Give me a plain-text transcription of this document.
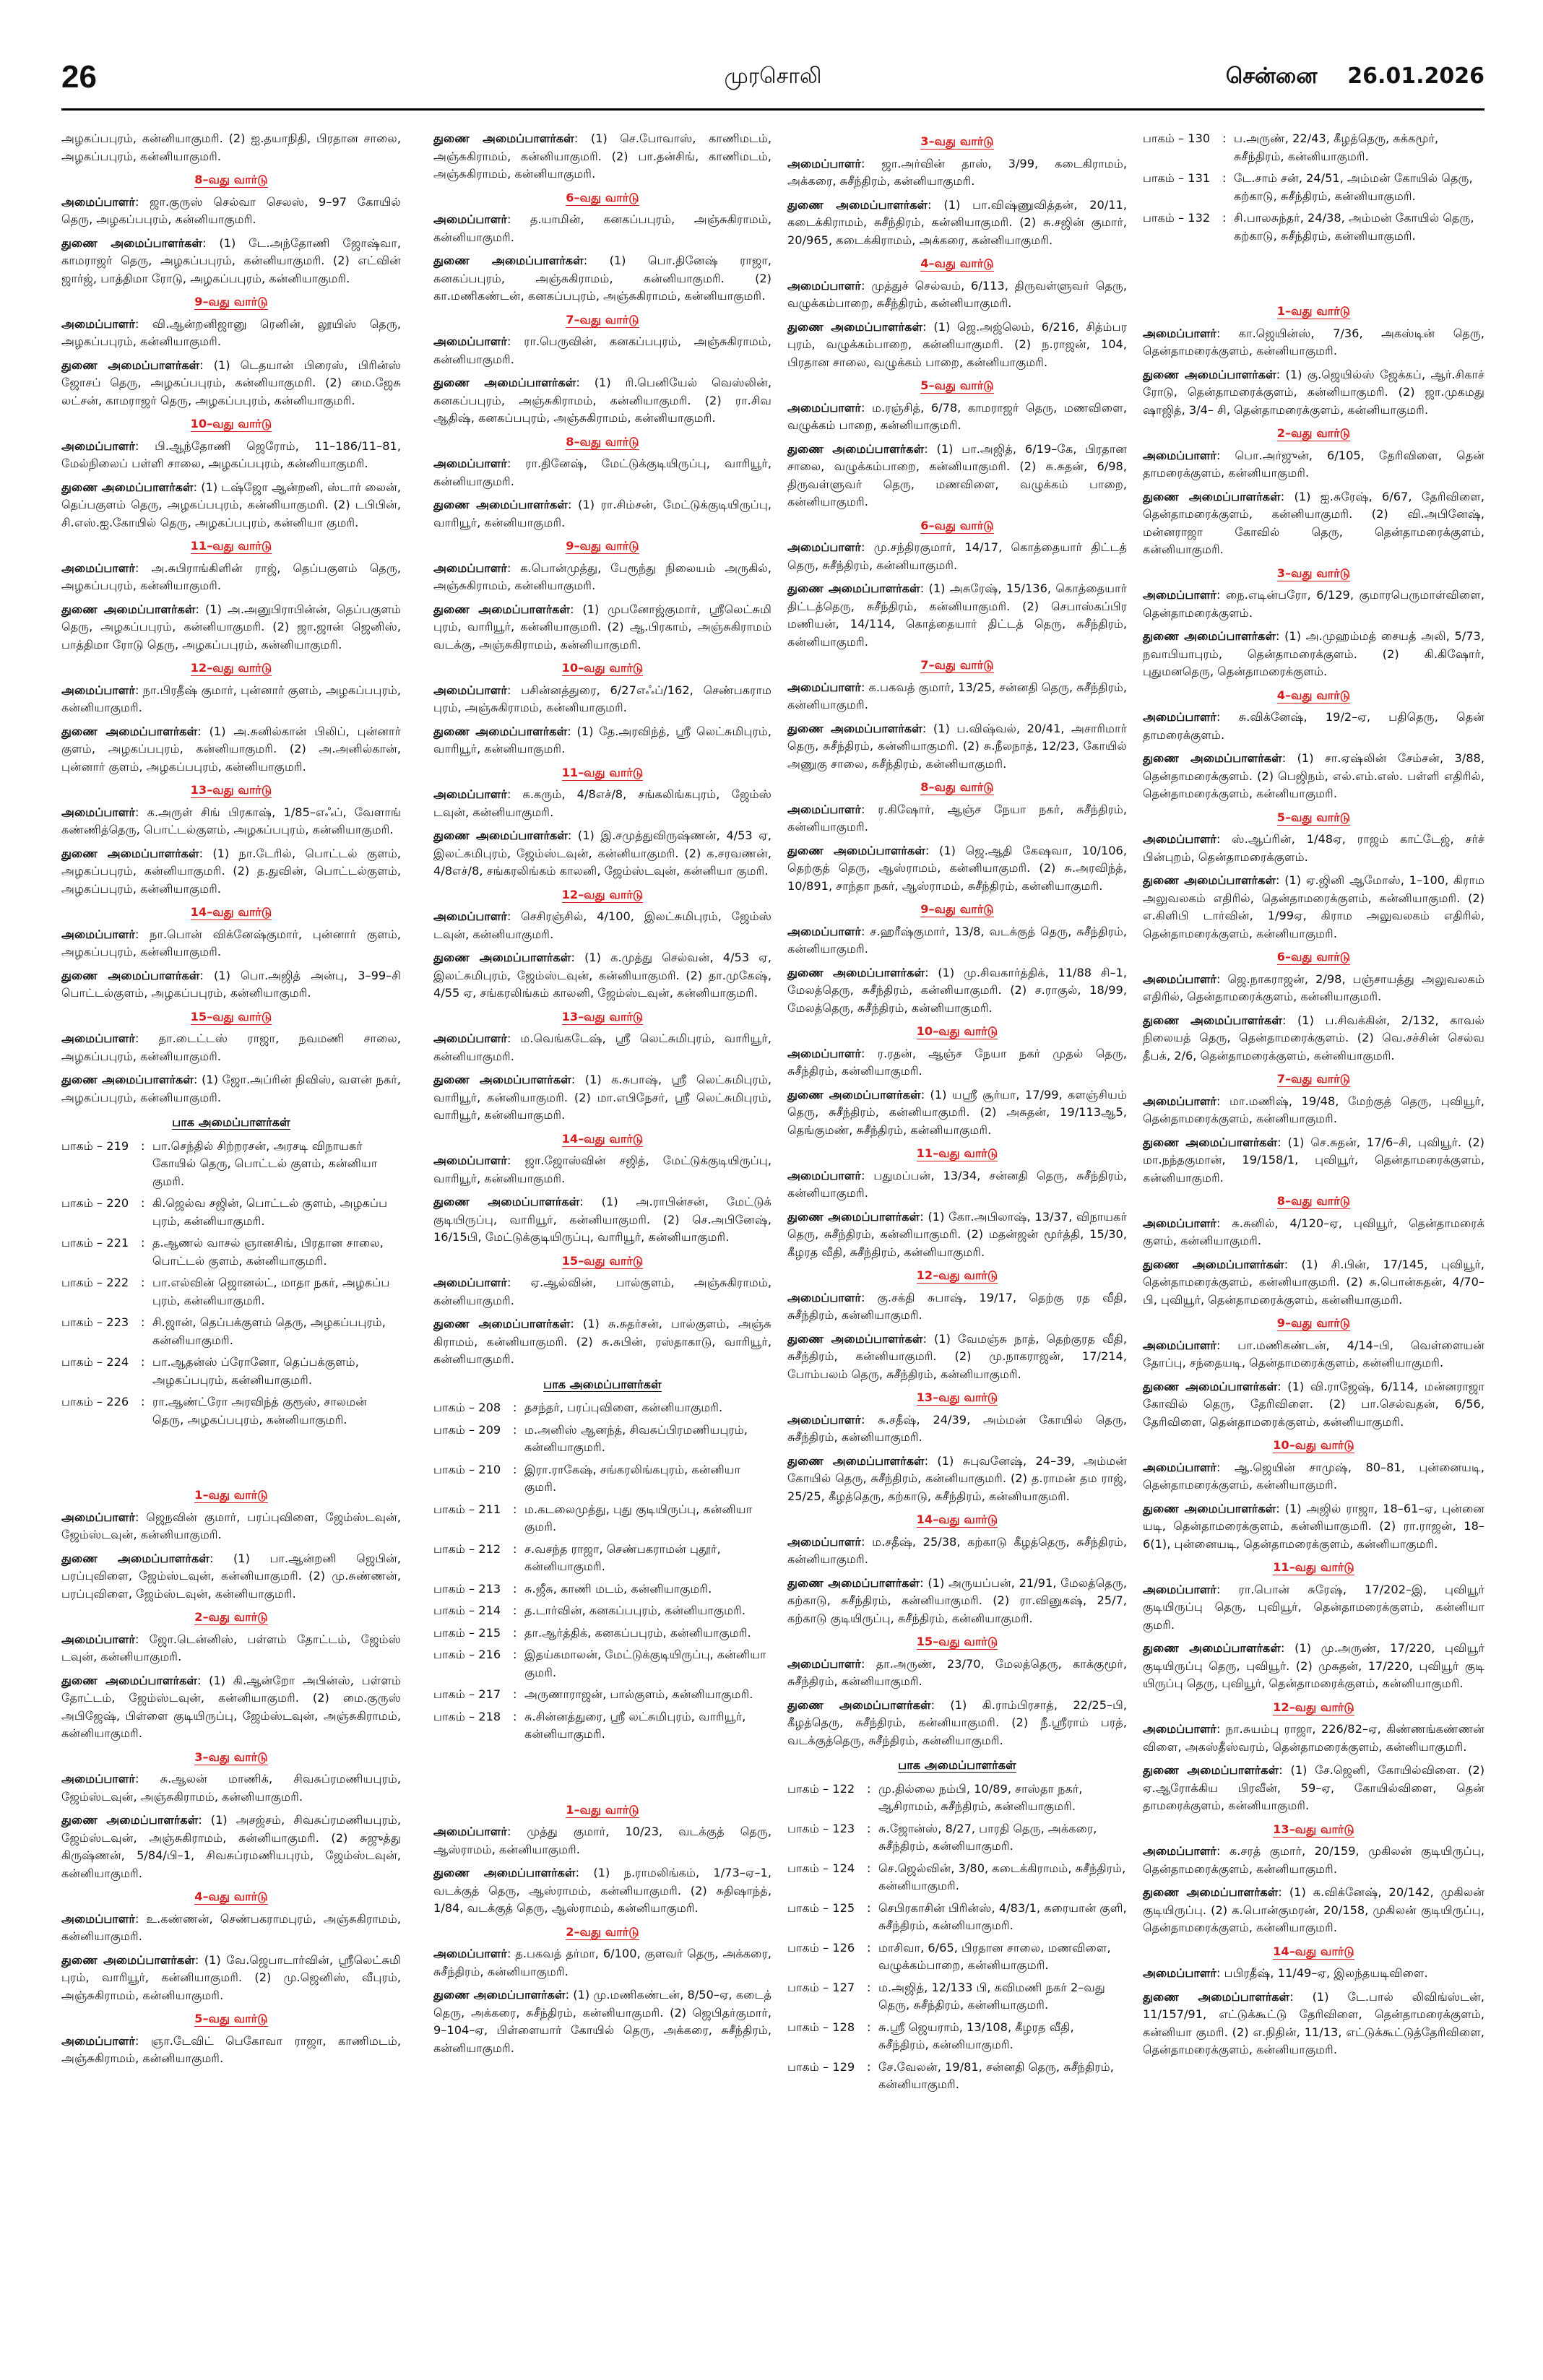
26	முரசொலி	சென்னை 26.01.2026

அழகப்பபுரம், கன்னியாகுமரி. (2) ஐ.தயாநிதி, பிரதான சாலை, அழகப்பபுரம், கன்னியாகுமரி.

8–வது வார்டு

அமைப்பாளர்: ஜா.குருஸ் செல்வா செலஸ், 9–97 கோயில் தெரு, அழகப்பபுரம், கன்னியாகுமரி.

துணை அமைப்பாளர்கள்: (1) டே.அந்தோணி ஜோஷ்வா, காமராஜர் தெரு, அழகப்பபுரம், கன்னியாகுமரி. (2) எட்வின் ஜார்ஜ், பாத்திமா ரோடு, அழகப்பபுரம், கன்னியாகுமரி.

9–வது வார்டு

அமைப்பாளர்: வி.ஆன்றனிஜானு ரெனின், லூயிஸ் தெரு, அழகப்பபுரம், கன்னியாகுமரி.

துணை அமைப்பாளர்கள்: (1) டெதயான் பிரைஸ், பிரின்ஸ் ஜோசப் தெரு, அழகப்பபுரம், கன்னியாகுமரி. (2) மை.ஜேசு லட்சன், காமராஜர் தெரு, அழகப்பபுரம், கன்னியாகுமரி.

10–வது வார்டு

அமைப்பாளர்: பி.ஆந்தோணி ஜெரோம், 11–186/11–81, மேல்நிலைப் பள்ளி சாலை, அழகப்பபுரம், கன்னியாகுமரி.

துணை அமைப்பாளர்கள்: (1) டஷ்ஜோ ஆன்றனி, ஸ்டார் லைன், தெப்பகுளம் தெரு, அழகப்பபுரம், கன்னியாகுமரி. (2) டபிபின், சி.எஸ்.ஐ.கோயில் தெரு, அழகப்பபுரம், கன்னியா குமரி.

11–வது வார்டு

அமைப்பாளர்: அ.சுபிராங்கிளின் ராஜ், தெப்பகுளம் தெரு, அழகப்பபுரம், கன்னியாகுமரி.

துணை அமைப்பாளர்கள்: (1) அ.அனுபிராபின்ன், தெப்பகுளம் தெரு, அழகப்பபுரம், கன்னியாகுமரி. (2) ஜா.ஜான் ஜெனிஸ், பாத்திமா ரோடு தெரு, அழகப்பபுரம், கன்னியாகுமரி.

12–வது வார்டு

அமைப்பாளர்: நா.பிரதீஷ் குமார், புன்னார் குளம், அழகப்பபுரம், கன்னியாகுமரி.

துணை அமைப்பாளர்கள்: (1) அ.சுனில்கான் பிலிப், புன்னார் குளம், அழகப்பபுரம், கன்னியாகுமரி. (2) அ.அனில்கான், புன்னார் குளம், அழகப்பபுரம், கன்னியாகுமரி.

13–வது வார்டு

அமைப்பாளர்: க.அருள் சிங் பிரகாஷ், 1/85–எஃப், வேளாங் கண்ணித்தெரு, பொட்டல்குளம், அழகப்பபுரம், கன்னியாகுமரி.

துணை அமைப்பாளர்கள்: (1) நா.டேரில், பொட்டல் குளம், அழகப்பபுரம், கன்னியாகுமரி. (2) த.துவின், பொட்டல்குளம், அழகப்பபுரம், கன்னியாகுமரி.

14–வது வார்டு

அமைப்பாளர்: நா.பொன் விக்னேஷ்குமார், புன்னார் குளம், அழகப்பபுரம், கன்னியாகுமரி.

துணை அமைப்பாளர்கள்: (1) பொ.அஜித் அன்பு, 3–99–சி பொட்டல்குளம், அழகப்பபுரம், கன்னியாகுமரி.

15–வது வார்டு

அமைப்பாளர்: தா.டைட்டஸ் ராஜா, நவமணி சாலை, அழகப்பபுரம், கன்னியாகுமரி.

துணை அமைப்பாளர்கள்: (1) ஜோ.அப்ரின் நிவிஸ், வளன் நகர், அழகப்பபுரம், கன்னியாகுமரி.

பாக அமைப்பாளர்கள்
பாகம் – 219	: பா.செந்தில் சிற்றரசன், அரசடி விநாயகர் கோயில் தெரு, பொட்டல் குளம், கன்னியா குமரி.
பாகம் – 220	: கி.ஜெல்வ சஜின், பொட்டல் குளம், அழகப்ப புரம், கன்னியாகுமரி.
பாகம் – 221	: த.ஆணல் வாசல் ஞானசிங், பிரதான சாலை, பொட்டல் குளம், கன்னியாகுமரி.
பாகம் – 222	: பா.எல்வின் ஜொனல்ட், மாதா நகர், அழகப்ப புரம், கன்னியாகுமரி.
பாகம் – 223	: சி.ஜான், தெப்பக்குளம் தெரு, அழகப்பபுரம், கன்னியாகுமரி.
பாகம் – 224	: பா.ஆதன்ஸ் ப்ரோனோ, தெப்பக்குளம், அழகப்பபுரம், கன்னியாகுமரி.
பாகம் – 226	: ரா.ஆண்ட்ரோ அரவிந்த் குரூஸ், சாலமன் தெரு, அழகப்பபுரம், கன்னியாகுமரி.
1–வது வார்டு

அமைப்பாளர்: ஜெநவின் குமார், பரப்புவிளை, ஜேம்ஸ்டவுன், ஜேம்ஸ்டவுன், கன்னியாகுமரி.

துணை அமைப்பாளர்கள்: (1) பா.ஆன்றனி ஜெபின், பரப்புவிளை, ஜேம்ஸ்டவுன், கன்னியாகுமரி. (2) மு.சுண்ணன், பரப்புவிளை, ஜேம்ஸ்டவுன், கன்னியாகுமரி.

2–வது வார்டு

அமைப்பாளர்: ஜோ.டென்னிஸ், பள்ளம் தோட்டம், ஜேம்ஸ் டவுன், கன்னியாகுமரி.

துணை அமைப்பாளர்கள்: (1) கி.ஆன்றோ அபின்ஸ், பள்ளம் தோட்டம், ஜேம்ஸ்டவுன், கன்னியாகுமரி. (2) மை.குருஸ் அபிஜேஷ், பிள்ளை குடியிருப்பு, ஜேம்ஸ்டவுன், அஞ்சுகிராமம், கன்னியாகுமரி.

3–வது வார்டு

அமைப்பாளர்: சு.ஆலன் மாணிக், சிவசுப்ரமணியபுரம், ஜேம்ஸ்டவுன், அஞ்சுகிராமம், கன்னியாகுமரி.

துணை அமைப்பாளர்கள்: (1) அசஜ்சம், சிவசுப்ரமணியபுரம், ஜேம்ஸ்டவுன், அஞ்சுகிராமம், கன்னியாகுமரி. (2) சுஜுத்து கிருஷ்ணன், 5/84/பி–1, சிவசுப்ரமணியபுரம், ஜேம்ஸ்டவுன், கன்னியாகுமரி.

4–வது வார்டு

அமைப்பாளர்: உ.கண்ணன், செண்பகராமபுரம், அஞ்சுகிராமம், கன்னியாகுமரி.

துணை அமைப்பாளர்கள்: (1) வே.ஜெபாடார்வின், ஸ்ரீலெட்சுமி புரம், வாரியூர், கன்னியாகுமரி. (2) மு.ஜெனிஸ், வீபுரம், அஞ்சுகிராமம், கன்னியாகுமரி.

5–வது வார்டு

அமைப்பாளர்: ஞா.டேவிட் பெகோவா ராஜா, காணிமடம், அஞ்சுகிராமம், கன்னியாகுமரி.

துணை அமைப்பாளர்கள்: (1) செ.போவாஸ், காணிமடம், அஞ்சுகிராமம், கன்னியாகுமரி. (2) பா.தன்சிங், காணிமடம், அஞ்சுகிராமம், கன்னியாகுமரி.

6–வது வார்டு

அமைப்பாளர்: த.யாமின், கனகப்பபுரம், அஞ்சுகிராமம், கன்னியாகுமரி.

துணை அமைப்பாளர்கள்: (1) பொ.தினேஷ் ராஜா, கனகப்பபுரம், அஞ்சுகிராமம், கன்னியாகுமரி. (2) கா.மணிகண்டன், கனகப்பபுரம், அஞ்சுகிராமம், கன்னியாகுமரி.

7–வது வார்டு

அமைப்பாளர்: ரா.பெருவின், கனகப்பபுரம், அஞ்சுகிராமம், கன்னியாகுமரி.

துணை அமைப்பாளர்கள்: (1) ரி.பெனியேல் வெஸ்லின், கனகப்பபுரம், அஞ்சுகிராமம், கன்னியாகுமரி. (2) ரா.சிவ ஆதிஷ், கனகப்பபுரம், அஞ்சுகிராமம், கன்னியாகுமரி.

8–வது வார்டு

அமைப்பாளர்: ரா.தினேஷ், மேட்டுக்குடியிருப்பு, வாரியூர், கன்னியாகுமரி.

துணை அமைப்பாளர்கள்: (1) ரா.சிம்சன், மேட்டுக்குடியிருப்பு, வாரியூர், கன்னியாகுமரி.

9–வது வார்டு

அமைப்பாளர்: க.பொன்முத்து, பேரூந்து நிலையம் அருகில், அஞ்சுகிராமம், கன்னியாகுமரி.

துணை அமைப்பாளர்கள்: (1) முபனோஜ்குமார், ஸ்ரீலெட்சுமி புரம், வாரியூர், கன்னியாகுமரி. (2) ஆ.பிரகாம், அஞ்சுகிராமம் வடக்கு, அஞ்சுகிராமம், கன்னியாகுமரி.

10–வது வார்டு

அமைப்பாளர்: பசின்னத்துரை, 6/27எஃப்/162, செண்பகராம புரம், அஞ்சுகிராமம், கன்னியாகுமரி.

துணை அமைப்பாளர்கள்: (1) தே.அரவிந்த், ஸ்ரீ லெட்சுமிபுரம், வாரியூர், கன்னியாகுமரி.

11–வது வார்டு

அமைப்பாளர்: க.கரும், 4/8எச்/8, சங்கலிங்கபுரம், ஜேம்ஸ் டவுன், கன்னியாகுமரி.

துணை அமைப்பாளர்கள்: (1) இ.சமுத்துவிருஷ்ணன், 4/53 ஏ, இலட்சுமிபுரம், ஜேம்ஸ்டவுன், கன்னியாகுமரி. (2) க.சரவணன், 4/8எச்/8, சங்கரலிங்கம் காலனி, ஜேம்ஸ்டவுன், கன்னியா குமரி.

12–வது வார்டு

அமைப்பாளர்: செசிரஞ்சில், 4/100, இலட்சுமிபுரம், ஜேம்ஸ் டவுன், கன்னியாகுமரி.

துணை அமைப்பாளர்கள்: (1) க.முத்து செல்வன், 4/53 ஏ, இலட்சுமிபுரம், ஜேம்ஸ்டவுன், கன்னியாகுமரி. (2) தா.முகேஷ், 4/55 ஏ, சங்கரலிங்கம் காலனி, ஜேம்ஸ்டவுன், கன்னியாகுமரி.

13–வது வார்டு

அமைப்பாளர்: ம.வெங்கடேஷ், ஸ்ரீ லெட்சுமிபுரம், வாரியூர், கன்னியாகுமரி.

துணை அமைப்பாளர்கள்: (1) க.சுபாஷ், ஸ்ரீ லெட்சுமிபுரம், வாரியூர், கன்னியாகுமரி. (2) மா.எபிநேசர், ஸ்ரீ லெட்சுமிபுரம், வாரியூர், கன்னியாகுமரி.

14–வது வார்டு

அமைப்பாளர்: ஜா.ஜோஸ்வின் சஜித், மேட்டுக்குடியிருப்பு, வாரியூர், கன்னியாகுமரி.

துணை அமைப்பாளர்கள்: (1) அ.ராபின்சன், மேட்டுக் குடியிருப்பு, வாரியூர், கன்னியாகுமரி. (2) செ.அபினேஷ், 16/15பி, மேட்டுக்குடியிருப்பு, வாரியூர், கன்னியாகுமரி.

15–வது வார்டு

அமைப்பாளர்: ஏ.ஆல்வின், பால்குளம், அஞ்சுகிராமம், கன்னியாகுமரி.

துணை அமைப்பாளர்கள்: (1) சு.சுதர்சன், பால்குளம், அஞ்சு கிராமம், கன்னியாகுமரி. (2) சு.சுபின், ரஸ்தாகாடு, வாரியூர், கன்னியாகுமரி.

பாக அமைப்பாளர்கள்
பாகம் – 208	: தசந்தர், பரப்புவிளை, கன்னியாகுமரி.
பாகம் – 209	: ம.அனிஸ் ஆனந்த், சிவசுப்பிரமணியபுரம், கன்னியாகுமரி.
பாகம் – 210	: இரா.ராகேஷ், சங்கரலிங்கபுரம், கன்னியா குமரி.
பாகம் – 211	: ம.கடலைமுத்து, புது குடியிருப்பு, கன்னியா குமரி.
பாகம் – 212	: ச.வசந்த ராஜா, செண்பகராமன் புதூர், கன்னியாகுமரி.
பாகம் – 213	: சு.ஜீசு, காணி மடம், கன்னியாகுமரி.
பாகம் – 214	: த.டார்வின், கனகப்பபுரம், கன்னியாகுமரி.
பாகம் – 215	: தா.ஆர்த்திக், கனகப்பபுரம், கன்னியாகுமரி.
பாகம் – 216	: இதய்கமாலன், மேட்டுக்குடியிருப்பு, கன்னியா குமரி.
பாகம் – 217	: அருணாராஜன், பால்குளம், கன்னியாகுமரி.
பாகம் – 218	: சு.சின்னத்துரை, ஸ்ரீ லட்சுமிபுரம், வாரியூர், கன்னியாகுமரி.
1–வது வார்டு

அமைப்பாளர்: முத்து குமார், 10/23, வடக்குத் தெரு, ஆஸ்ராமம், கன்னியாகுமரி.

துணை அமைப்பாளர்கள்: (1) ந.ராமலிங்கம், 1/73–ஏ–1, வடக்குத் தெரு, ஆஸ்ராமம், கன்னியாகுமரி. (2) சுதிஷாந்த், 1/84, வடக்குத் தெரு, ஆஸ்ராமம், கன்னியாகுமரி.

2–வது வார்டு

அமைப்பாளர்: த.பகவத் தர்மா, 6/100, குளவர் தெரு, அக்கரை, சுசீந்திரம், கன்னியாகுமரி.

துணை அமைப்பாளர்கள்: (1) மு.மணிகண்டன், 8/50–ஏ, கடைத் தெரு, அக்கரை, சுசீந்திரம், கன்னியாகுமரி. (2) ஜெபிதர்குமார், 9–104–ஏ, பிள்ளையார் கோயில் தெரு, அக்கரை, சுசீந்திரம், கன்னியாகுமரி.

3–வது வார்டு

அமைப்பாளர்: ஜா.அர்வின் தாஸ், 3/99, கடைகிராமம், அக்கரை, சுசீந்திரம், கன்னியாகுமரி.

துணை அமைப்பாளர்கள்: (1) பா.விஷ்ணுவித்தன், 20/11, கடைக்கிராமம், சுசீந்திரம், கன்னியாகுமரி. (2) சு.சஜின் குமார், 20/965, கடைக்கிராமம், அக்கரை, கன்னியாகுமரி.

4–வது வார்டு

அமைப்பாளர்: முத்துச் செல்வம், 6/113, திருவள்ளுவர் தெரு, வழுக்கம்பாறை, சுசீந்திரம், கன்னியாகுமரி.

துணை அமைப்பாளர்கள்: (1) ஜெ.அஜ்லெம், 6/216, சித்ம்பர புரம், வழுக்கம்பாறை, கன்னியாகுமரி. (2) ந.ராஜன், 104, பிரதான சாலை, வழுக்கம் பாறை, கன்னியாகுமரி.

5–வது வார்டு

அமைப்பாளர்: ம.ரஞ்சித், 6/78, காமராஜர் தெரு, மணவிளை, வழுக்கம் பாறை, கன்னியாகுமரி.

துணை அமைப்பாளர்கள்: (1) பா.அஜித், 6/19–கே, பிரதான சாலை, வழுக்கம்பாறை, கன்னியாகுமரி. (2) சு.சுதன், 6/98, திருவள்ளுவர் தெரு, மணவிளை, வழுக்கம் பாறை, கன்னியாகுமரி.

6–வது வார்டு

அமைப்பாளர்: மு.சந்திரகுமார், 14/17, கொத்தையார் திட்டத் தெரு, சுசீந்திரம், கன்னியாகுமரி.

துணை அமைப்பாளர்கள்: (1) அசுரேஷ், 15/136, கொத்தையார் திட்டத்தெரு, சுசீந்திரம், கன்னியாகுமரி. (2) செபாஸ்கப்பிர மணியன், 14/114, கொத்தையார் திட்டத் தெரு, சுசீந்திரம், கன்னியாகுமரி.

7–வது வார்டு

அமைப்பாளர்: க.பகவத் குமார், 13/25, சன்னதி தெரு, சுசீந்திரம், கன்னியாகுமரி.

துணை அமைப்பாளர்கள்: (1) ப.விஷ்வல், 20/41, அசாரிமார் தெரு, சுசீந்திரம், கன்னியாகுமரி. (2) சு.நீலநாத், 12/23, கோயில் அணுகு சாலை, சுசீந்திரம், கன்னியாகுமரி.

8–வது வார்டு

அமைப்பாளர்: ர.கிஷோர், ஆஞ்ச நேயா நகர், சுசீந்திரம், கன்னியாகுமரி.

துணை அமைப்பாளர்கள்: (1) ஜெ.ஆதி கேஷவா, 10/106, தெற்குத் தெரு, ஆஸ்ராமம், கன்னியாகுமரி. (2) சு.அரவிந்த், 10/891, சாந்தா நகர், ஆஸ்ராமம், சுசீந்திரம், கன்னியாகுமரி.

9–வது வார்டு

அமைப்பாளர்: ச.ஹரீஷ்குமார், 13/8, வடக்குத் தெரு, சுசீந்திரம், கன்னியாகுமரி.

துணை அமைப்பாளர்கள்: (1) மு.சிவகார்த்திக், 11/88 சி–1, மேலத்தெரு, சுசீந்திரம், கன்னியாகுமரி. (2) ச.ராகுல், 18/99, மேலத்தெரு, சுசீந்திரம், கன்னியாகுமரி.

10–வது வார்டு

அமைப்பாளர்: ர.ரதன், ஆஞ்ச நேயா நகர் முதல் தெரு, சுசீந்திரம், கன்னியாகுமரி.

துணை அமைப்பாளர்கள்: (1) யஸ்ரீ சூர்யா, 17/99, களஞ்சியம் தெரு, சுசீந்திரம், கன்னியாகுமரி. (2) அசுதன், 19/113ஆ5, தெங்குமண், சுசீந்திரம், கன்னியாகுமரி.

11–வது வார்டு

அமைப்பாளர்: பதுமப்பன், 13/34, சன்னதி தெரு, சுசீந்திரம், கன்னியாகுமரி.

துணை அமைப்பாளர்கள்: (1) கோ.அபிலாஷ், 13/37, விநாயகர் தெரு, சுசீந்திரம், கன்னியாகுமரி. (2) மதன்ஜன் மூர்த்தி, 15/30, கீழரத வீதி, சுசீந்திரம், கன்னியாகுமரி.

12–வது வார்டு

அமைப்பாளர்: கு.சக்தி சுபாஷ், 19/17, தெற்கு ரத வீதி, சுசீந்திரம், கன்னியாகுமரி.

துணை அமைப்பாளர்கள்: (1) வேமஞ்சு நாத், தெற்குரத வீதி, சுசீந்திரம், கன்னியாகுமரி. (2) மு.நாகராஜன், 17/214, போம்பலம் தெரு, சுசீந்திரம், கன்னியாகுமரி.

13–வது வார்டு

அமைப்பாளர்: சு.சதீஷ், 24/39, அம்மன் கோயில் தெரு, சுசீந்திரம், கன்னியாகுமரி.

துணை அமைப்பாளர்கள்: (1) சுபுவனேஷ், 24–39, அம்மன் கோயில் தெரு, சுசீந்திரம், கன்னியாகுமரி. (2) த.ராமன் தம ராஜ், 25/25, கீழத்தெரு, கற்காடு, சுசீந்திரம், கன்னியாகுமரி.

14–வது வார்டு

அமைப்பாளர்: ம.சதீஷ், 25/38, கற்காடு கீழத்தெரு, சுசீந்திரம், கன்னியாகுமரி.

துணை அமைப்பாளர்கள்: (1) அருயப்பன், 21/91, மேலத்தெரு, கற்காடு, சுசீந்திரம், கன்னியாகுமரி. (2) ரா.வினுகஷ், 25/7, கற்காடு குடியிருப்பு, சுசீந்திரம், கன்னியாகுமரி.

15–வது வார்டு

அமைப்பாளர்: தா.அருண், 23/70, மேலத்தெரு, காக்குமூர், சுசீந்திரம், கன்னியாகுமரி.

துணை அமைப்பாளர்கள்: (1) கி.ராம்பிரசாத், 22/25–பி, கீழத்தெரு, சுசீந்திரம், கன்னியாகுமரி. (2) நீ.ஸ்ரீராம் பரத், வடக்குத்தெரு, சுசீந்திரம், கன்னியாகுமரி.

பாக அமைப்பாளர்கள்
பாகம் – 122	: மு.தில்லை நம்பி, 10/89, சாஸ்தா நகர், ஆசிராமம், சுசீந்திரம், கன்னியாகுமரி.
பாகம் – 123	: சு.ஜோன்ஸ், 8/27, பாரதி தெரு, அக்கரை, சுசீந்திரம், கன்னியாகுமரி.
பாகம் – 124	: செ.ஜெல்வின், 3/80, கடைக்கிராமம், சுசீந்திரம், கன்னியாகுமரி.
பாகம் – 125	: செபிரகாசின் பிரின்ஸ், 4/83/1, கரையான் குளி, சுசீந்திரம், கன்னியாகுமரி.
பாகம் – 126	: மாசிவா, 6/65, பிரதான சாலை, மணவிளை, வழுக்கம்பாறை, கன்னியாகுமரி.
பாகம் – 127	: ம.அஜித், 12/133 பி, கவிமணி நகர் 2–வது தெரு, சுசீந்திரம், கன்னியாகுமரி.
பாகம் – 128	: சு.ஸ்ரீ ஜெயராம், 13/108, கீழரத வீதி, சுசீந்திரம், கன்னியாகுமரி.
பாகம் – 129	: சே.வேலன், 19/81, சன்னதி தெரு, சுசீந்திரம், கன்னியாகுமரி.
பாகம் – 130	: ப.அருண், 22/43, கீழத்தெரு, சுக்கமூர், சுசீந்திரம், கன்னியாகுமரி.
பாகம் – 131	: டே.சாம் சன், 24/51, அம்மன் கோயில் தெரு, கற்காடு, சுசீந்திரம், கன்னியாகுமரி.
பாகம் – 132	: சி.பாலசுந்தர், 24/38, அம்மன் கோயில் தெரு, கற்காடு, சுசீந்திரம், கன்னியாகுமரி.
1–வது வார்டு

அமைப்பாளர்: கா.ஜெயின்ஸ், 7/36, அகஸ்டின் தெரு, தென்தாமரைக்குளம், கன்னியாகுமரி.

துணை அமைப்பாளர்கள்: (1) கு.ஜெயில்ஸ் ஜேக்கப், ஆர்.சிகாச் ரோடு, தென்தாமரைக்குளம், கன்னியாகுமரி. (2) ஜா.முகமது ஷாஜித், 3/4– சி, தென்தாமரைக்குளம், கன்னியாகுமரி.

2–வது வார்டு

அமைப்பாளர்: பொ.அர்ஜுன், 6/105, தேரிவிளை, தென் தாமரைக்குளம், கன்னியாகுமரி.

துணை அமைப்பாளர்கள்: (1) ஐ.சுரேஷ், 6/67, தேரிவிளை, தென்தாமரைக்குளம், கன்னியாகுமரி. (2) வி.அபினேஷ், மன்னராஜா கோவில் தெரு, தென்தாமரைக்குளம், கன்னியாகுமரி.

3–வது வார்டு

அமைப்பாளர்: நை.எடின்பரோ, 6/129, குமாரபெருமாள்விளை, தென்தாமரைக்குளம்.

துணை அமைப்பாளர்கள்: (1) அ.முஹம்மத் சையத் அலி, 5/73, நவாபியாபுரம், தென்தாமரைக்குளம். (2) கி.கிஷோர், புதுமனதெரு, தென்தாமரைக்குளம்.

4–வது வார்டு

அமைப்பாளர்: சு.விக்னேஷ், 19/2–ஏ, பதிதெரு, தென் தாமரைக்குளம்.

துணை அமைப்பாளர்கள்: (1) சா.ஏஷ்லின் சேம்சன், 3/88, தென்தாமரைக்குளம். (2) பெஜிநம், எல்.எம்.எஸ். பள்ளி எதிரில், தென்தாமரைக்குளம், கன்னியாகுமரி.

5–வது வார்டு

அமைப்பாளர்: ஸ்.ஆப்ரின், 1/48ஏ, ராஜம் காட்டேஜ், சர்ச் பின்புறம், தென்தாமரைக்குளம்.

துணை அமைப்பாளர்கள்: (1) ஏ.ஜினி ஆமோஸ், 1–100, கிராம அலுவலகம் எதிரில், தென்தாமரைக்குளம், கன்னியாகுமரி. (2) எ.கிளிபி டார்வின், 1/99ஏ, கிராம அலுவலகம் எதிரில், தென்தாமரைக்குளம், கன்னியாகுமரி.

6–வது வார்டு

அமைப்பாளர்: ஜெ.நாகராஜன், 2/98, பஞ்சாயத்து அலுவலகம் எதிரில், தென்தாமரைக்குளம், கன்னியாகுமரி.

துணை அமைப்பாளர்கள்: (1) ப.சிவக்கின், 2/132, காவல் நிலையத் தெரு, தென்தாமரைக்குளம். (2) வெ.சச்சின் செல்வ தீபக், 2/6, தென்தாமரைக்குளம், கன்னியாகுமரி.

7–வது வார்டு

அமைப்பாளர்: மா.மணிஷ், 19/48, மேற்குத் தெரு, புவியூர், தென்தாமரைக்குளம், கன்னியாகுமரி.

துணை அமைப்பாளர்கள்: (1) செ.சுதன், 17/6–சி, புவியூர். (2) மா.நந்தகுமான், 19/158/1, புவியூர், தென்தாமரைக்குளம், கன்னியாகுமரி.

8–வது வார்டு

அமைப்பாளர்: சு.சுனில், 4/120–ஏ, புவியூர், தென்தாமரைக் குளம், கன்னியாகுமரி.

துணை அமைப்பாளர்கள்: (1) சி.பின், 17/145, புவியூர், தென்தாமரைக்குளம், கன்னியாகுமரி. (2) சு.பொன்சுதன், 4/70–பி, புவியூர், தென்தாமரைக்குளம், கன்னியாகுமரி.

9–வது வார்டு

அமைப்பாளர்: பா.மணிகண்டன், 4/14–பி, வெள்ளையன் தோப்பு, சந்தையடி, தென்தாமரைக்குளம், கன்னியாகுமரி.

துணை அமைப்பாளர்கள்: (1) வி.ராஜேஷ், 6/114, மன்னராஜா கோவில் தெரு, தேரிவிளை. (2) பா.செல்வதன், 6/56, தேரிவிளை, தென்தாமரைக்குளம், கன்னியாகுமரி.

10–வது வார்டு

அமைப்பாளர்: ஆ.ஜெயின் சாமுஷ், 80–81, புன்னையடி, தென்தாமரைக்குளம், கன்னியாகுமரி.

துணை அமைப்பாளர்கள்: (1) அஜில் ராஜா, 18–61–ஏ, புன்னை யடி, தென்தாமரைக்குளம், கன்னியாகுமரி. (2) ரா.ராஜன், 18–6(1), புன்னையடி, தென்தாமரைக்குளம், கன்னியாகுமரி.

11–வது வார்டு

அமைப்பாளர்: ரா.பொன் சுரேஷ், 17/202–இ, புவியூர் குடியிருப்பு தெரு, புவியூர், தென்தாமரைக்குளம், கன்னியா குமரி.

துணை அமைப்பாளர்கள்: (1) மு.அருண், 17/220, புவியூர் குடியிருப்பு தெரு, புவியூர். (2) முசுதன், 17/220, புவியூர் குடி யிருப்பு தெரு, புவியூர், தென்தாமரைக்குளம், கன்னியாகுமரி.

12–வது வார்டு

அமைப்பாளர்: நா.சுயம்பு ராஜா, 226/82–ஏ, கிண்ணங்கண்ணன் விளை, அகஸ்தீஸ்வரம், தென்தாமரைக்குளம், கன்னியாகுமரி.

துணை அமைப்பாளர்கள்: (1) சே.ஜெனி, கோயில்விளை. (2) ஏ.ஆரோக்கிய பிரவீன், 59–ஏ, கோயில்விளை, தென் தாமரைக்குளம், கன்னியாகுமரி.

13–வது வார்டு

அமைப்பாளர்: க.சரத் குமார், 20/159, முகிலன் குடியிருப்பு, தென்தாமரைக்குளம், கன்னியாகுமரி.

துணை அமைப்பாளர்கள்: (1) க.விக்னேஷ், 20/142, முகிலன் குடியிருப்பு. (2) க.பொன்குமரன், 20/158, முகிலன் குடியிருப்பு, தென்தாமரைக்குளம், கன்னியாகுமரி.

14–வது வார்டு

அமைப்பாளர்: பபிரதீஷ், 11/49–ஏ, இலந்தயடிவிளை.

துணை அமைப்பாளர்கள்: (1) டே.பால் லிவிங்ஸ்டன், 11/157/91, எட்டுக்கூட்டு தேரிவிளை, தென்தாமரைக்குளம், கன்னியா குமரி. (2) எ.நிதின், 11/13, எட்டுக்கூட்டுத்தேரிவிளை, தென்தாமரைக்குளம், கன்னியாகுமரி.
